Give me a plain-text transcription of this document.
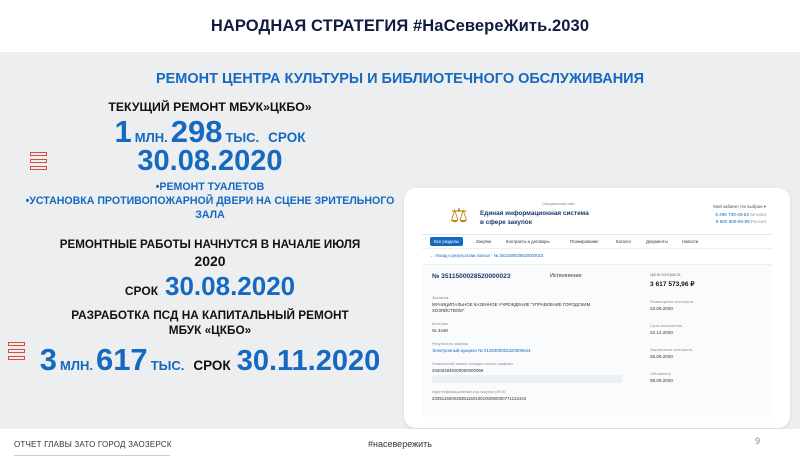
НАРОДНАЯ СТРАТЕГИЯ #НаСевереЖить.2030
РЕМОНТ ЦЕНТРА КУЛЬТУРЫ И БИБЛИОТЕЧНОГО ОБСЛУЖИВАНИЯ
ТЕКУЩИЙ РЕМОНТ МБУК»ЦКБО»
1 МЛН. 298 ТЫС. СРОК
30.08.2020
•РЕМОНТ ТУАЛЕТОВ
•УСТАНОВКА ПРОТИВОПОЖАРНОЙ ДВЕРИ НА СЦЕНЕ ЗРИТЕЛЬНОГО ЗАЛА
РЕМОНТНЫЕ РАБОТЫ НАЧНУТСЯ В НАЧАЛЕ ИЮЛЯ
2020
СРОК 30.08.2020
РАЗРАБОТКА ПСД НА КАПИТАЛЬНЫЙ РЕМОНТ
МБУК «ЦКБО»
3 МЛН. 617 ТЫС. СРОК 30.11.2020
Официальный сайт
⚖	Единая информационная система
в сфере закупок
Мой кабинет Не выбран ▾
8 495 739-25-83 Москва
8 800 600-90-89 Россия
Все разделы	Закупки	Контракты и договоры	Планирование	Каталог	Документы	Новости
← Назад к результатам поиска · № 3511500028520000023
№ 3511500028520000023	Исполнение	Цена контракта
3 617 573,96 ₽
Заказчик
МУНИЦИПАЛЬНОЕ КАЗЕННОЕ УЧРЕЖДЕНИЕ "УПРАВЛЕНИЕ ГОРОДСКИМ ХОЗЯЙСТВОМ"
Контракт
№ 3449
Результаты закупки
Электронный аукцион № 0149300002320005644
Уникальный номер позиции плана-графика
202004940000000000099
Идентификационный код закупки (ИКЗ)
203511500028351150100100090000771122444
Размещение контракта
23.06.2020
Срок исполнения
22.12.2020
Заключение контракта
26.06.2020
Обновлено
08.09.2020
ОТЧЕТ ГЛАВЫ ЗАТО ГОРОД ЗАОЗЕРСК	#насевережить	9
